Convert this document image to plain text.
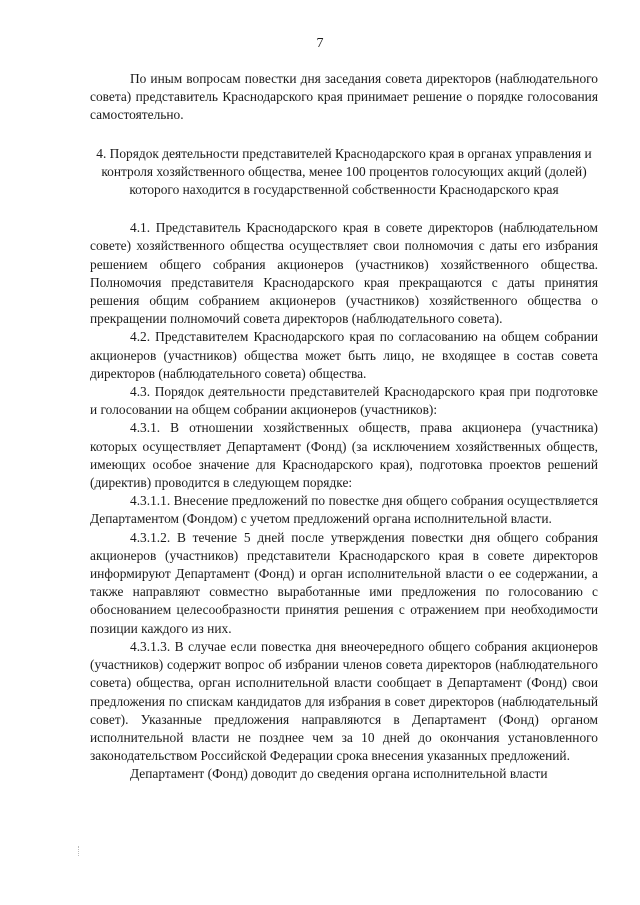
7

По иным вопросам повестки дня заседания совета директоров (наблюдательного совета) представитель Краснодарского края принимает решение о порядке голосования самостоятельно.

4. Порядок деятельности представителей Краснодарского края в органах управления и контроля хозяйственного общества, менее 100 процентов голосующих акций (долей) которого находится в государственной собственности Краснодарского края

4.1. Представитель Краснодарского края в совете директоров (наблюдательном совете) хозяйственного общества осуществляет свои полномочия с даты его избрания решением общего собрания акционеров (участников) хозяйственного общества. Полномочия представителя Краснодарского края прекращаются с даты принятия решения общим собранием акционеров (участников) хозяйственного общества о прекращении полномочий совета директоров (наблюдательного совета).

4.2. Представителем Краснодарского края по согласованию на общем собрании акционеров (участников) общества может быть лицо, не входящее в состав совета директоров (наблюдательного совета) общества.

4.3. Порядок деятельности представителей Краснодарского края при подготовке и голосовании на общем собрании акционеров (участников):

4.3.1. В отношении хозяйственных обществ, права акционера (участника) которых осуществляет Департамент (Фонд) (за исключением хозяйственных обществ, имеющих особое значение для Краснодарского края), подготовка проектов решений (директив) проводится в следующем порядке:

4.3.1.1. Внесение предложений по повестке дня общего собрания осуществляется Департаментом (Фондом) с учетом предложений органа исполнительной власти.

4.3.1.2. В течение 5 дней после утверждения повестки дня общего собрания акционеров (участников) представители Краснодарского края в совете директоров информируют Департамент (Фонд) и орган исполнительной власти о ее содержании, а также направляют совместно выработанные ими предложения по голосованию с обоснованием целесообразности принятия решения с отражением при необходимости позиции каждого из них.

4.3.1.3. В случае если повестка дня внеочередного общего собрания акционеров (участников) содержит вопрос об избрании членов совета директоров (наблюдательного совета) общества, орган исполнительной власти сообщает в Департамент (Фонд) свои предложения по спискам кандидатов для избрания в совет директоров (наблюдательный совет). Указанные предложения направляются в Департамент (Фонд) органом исполнительной власти не позднее чем за 10 дней до окончания установленного законодательством Российской Федерации срока внесения указанных предложений.

Департамент (Фонд) доводит до сведения органа исполнительной власти
